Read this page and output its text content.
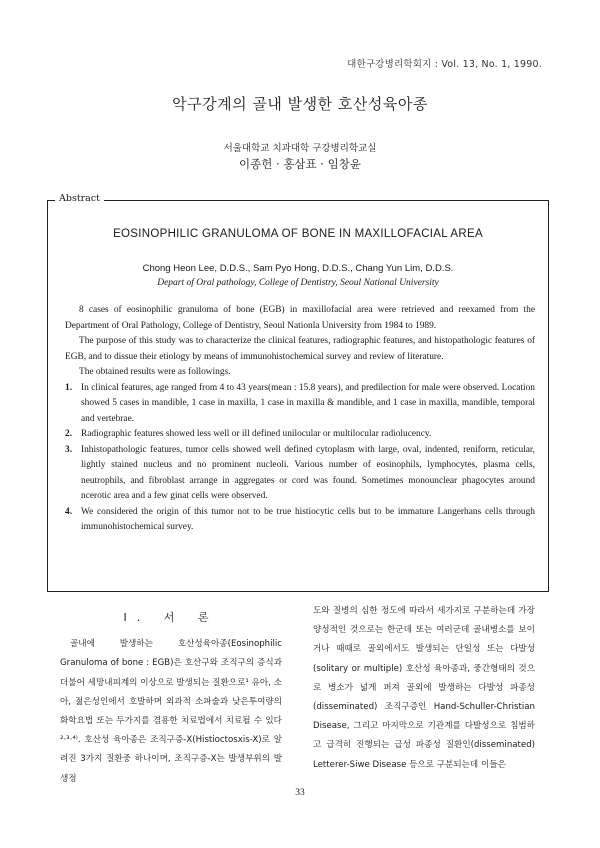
대한구강병리학회지 : Vol. 13, No. 1, 1990.
악구강계의 골내 발생한 호산성육아종
서울대학교 치과대학 구강병리학교실
이종헌 · 홍삼표 · 임창윤
Abstract
EOSINOPHILIC GRANULOMA OF BONE IN MAXILLOFACIAL AREA
Chong Heon Lee, D.D.S., Sam Pyo Hong, D.D.S., Chang Yun Lim, D.D.S.
Depart of Oral pathology, College of Dentistry, Seoul National University

8 cases of eosinophilic granuloma of bone (EGB) in maxillofacial area were retrieved and reexamed from the Department of Oral Pathology, College of Dentistry, Seoul Nationla University from 1984 to 1989.

The purpose of this study was to characterize the clinical features, radiographic features, and histopathologic features of EGB, and to dissue their etiology by means of immunohistochemical survey and review of literature.

The obtained results were as followings.

1. In clinical features, age ranged from 4 to 43 years(mean : 15.8 years), and predilection for male were observed. Location showed 5 cases in mandible, 1 case in maxilla, 1 case in maxilla & mandible, and 1 case in maxilla, mandible, temporal and vertebrae.
2. Radiographic features showed less well or ill defined unilocular or multilocular radiolucency.
3. Inhistopathologic features, tumor cells showed well defined cytoplasm with large, oval, indented, reniform, reticular, lightly stained nucleus and no prominent nucleoli. Various number of eosinophils, lymphocytes, plasma cells, neutrophils, and fibroblast arrange in aggregates or cord was found. Sometimes monounclear phagocytes around ncerotic area and a few ginat cells were observed.
4. We considered the origin of this tumor not to be true histiocytic cells but to be immature Langerhans cells through immunohistochemical survey.
Ⅰ. 서 론

골내에 발생하는 호산성육아종(Eosinophilic Granuloma of bone : EGB)은 호산구와 조직구의 증식과 더불어 세망내피계의 이상으로 발생되는 질환으로¹ 유아, 소아, 젊은성인에서 호발하며 외과적 소파술과 낮은투여량의 화학요법 또는 두가지를 겸용한 치료법에서 치료될 수 있다²·³·⁴⁾. 호산성 육아종은 조직구증-X(Histioctosxis-X)로 알려진 3가지 질환중 하나이며, 조직구증-X는 발생부위의 발생정

도와 질병의 심한 정도에 따라서 세가지로 구분하는데 가장 양성적인 것으로는 한군데 또는 여러군데 골내병소를 보이거나 때때로 골외에서도 발생되는 단일성 또는 다발성(solitary or multiple) 호산성 육아종과, 중간형태의 것으로 병소가 넓게 퍼져 골외에 발생하는 다발성 파종성(disseminated) 조직구증인 Hand-Schuller-Christian Disease, 그리고 마지막으로 기관계를 다발성으로 침범하고 급격히 진행되는 급성 파종성 질환인(disseminated) Letterer-Siwe Disease 등으로 구분되는데 이들은

33
